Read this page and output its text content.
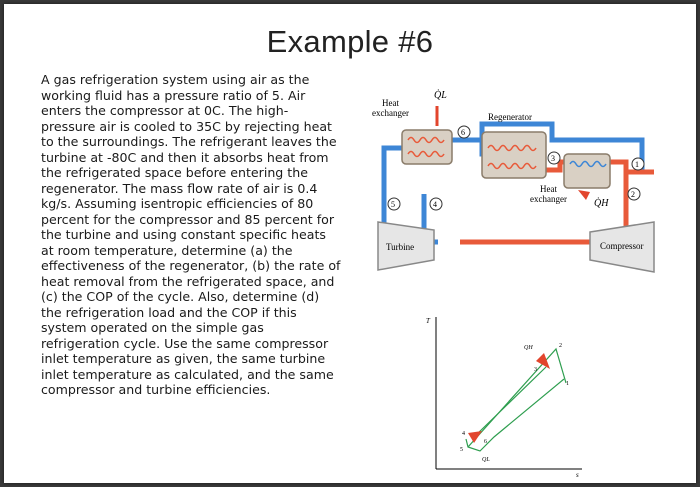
Example #6
A gas refrigeration system using air as the working fluid has a pressure ratio of 5. Air enters the compressor at 0C. The high-pressure air is cooled to 35C by rejecting heat to the surroundings. The refrigerant leaves the turbine at -80C and then it absorbs heat from the refrigerated space before entering the regenerator. The mass flow rate of air is 0.4 kg/s. Assuming isentropic efficiencies of 80 percent for the compressor and 85 percent for the turbine and using constant specific heats at room temperature, determine (a) the effectiveness of the regenerator, (b) the rate of heat removal from the refrigerated space, and (c) the COP of the cycle. Also, determine (d) the refrigeration load and the COP if this system operated on the simple gas refrigeration cycle. Use the same compressor inlet temperature as given, the same turbine inlet temperature as calculated, and the same compressor and turbine efficiencies.
Heat
exchanger
Q̇L
Regenerator
Heat
exchanger	Q̇H
Turbine	Compressor
1
2
3
4
5
6
T
s
QH
QL
1
2
3
4
5
6
